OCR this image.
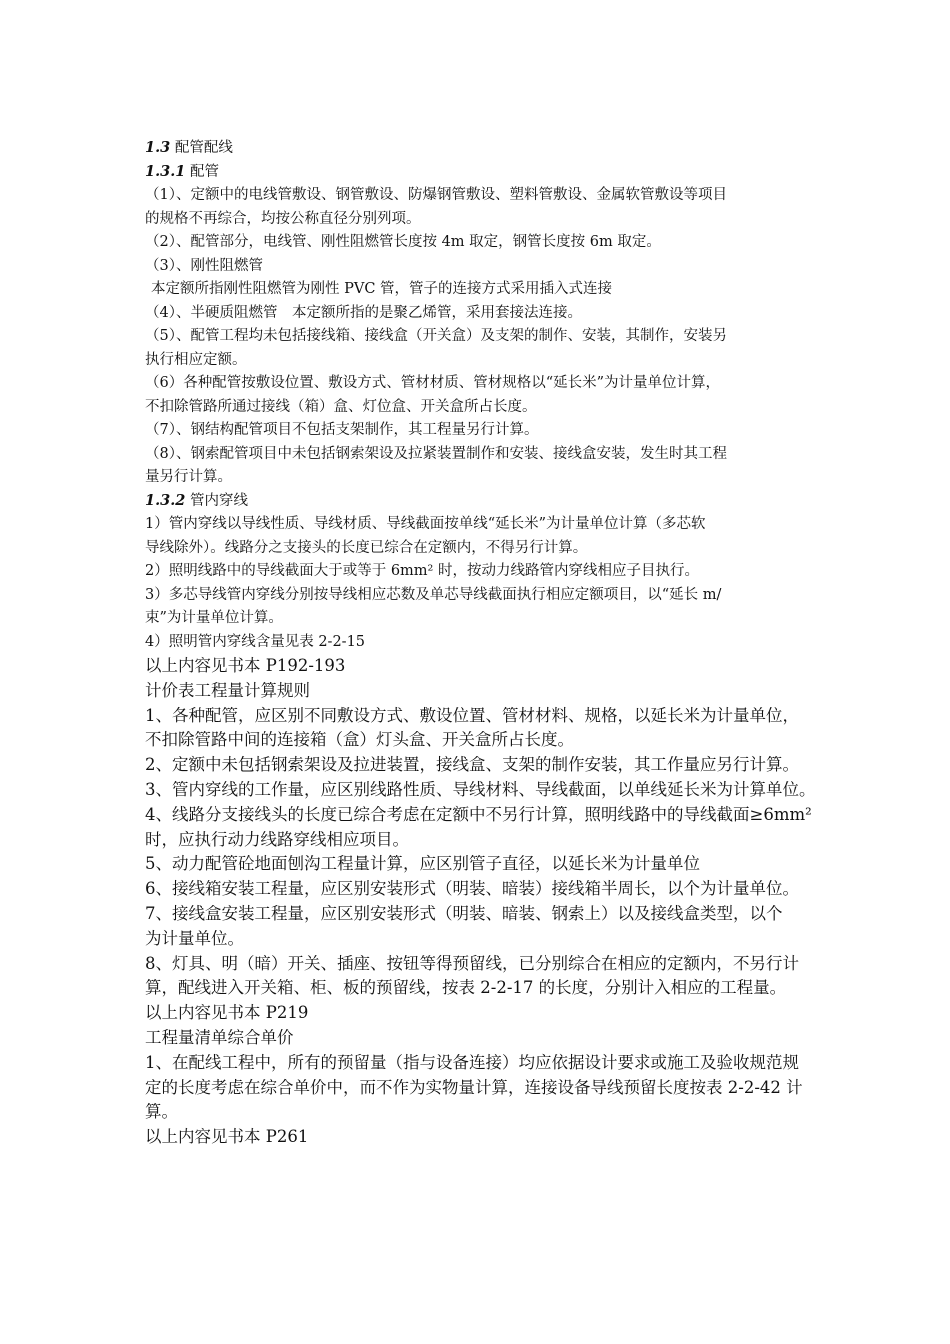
1.3 配管配线

1.3.1 配管

（1）、定额中的电线管敷设、钢管敷设、防爆钢管敷设、塑料管敷设、金属软管敷设等项目

的规格不再综合，均按公称直径分别列项。

（2）、配管部分，电线管、刚性阻燃管长度按 4m 取定，钢管长度按 6m 取定。

（3）、刚性阻燃管

本定额所指刚性阻燃管为刚性 PVC 管，管子的连接方式采用插入式连接

（4）、半硬质阻燃管　本定额所指的是聚乙烯管，采用套接法连接。

（5）、配管工程均未包括接线箱、接线盒（开关盒）及支架的制作、安装，其制作，安装另

执行相应定额。

（6）各种配管按敷设位置、敷设方式、管材材质、管材规格以“延长米”为计量单位计算，

不扣除管路所通过接线（箱）盒、灯位盒、开关盒所占长度。

（7）、钢结构配管项目不包括支架制作，其工程量另行计算。

（8）、钢索配管项目中未包括钢索架设及拉紧装置制作和安装、接线盒安装，发生时其工程

量另行计算。

1.3.2 管内穿线

1）管内穿线以导线性质、导线材质、导线截面按单线“延长米”为计量单位计算（多芯软

导线除外）。线路分之支接头的长度已综合在定额内，不得另行计算。

2）照明线路中的导线截面大于或等于 6mm² 时，按动力线路管内穿线相应子目执行。

3）多芯导线管内穿线分别按导线相应芯数及单芯导线截面执行相应定额项目，以“延长 m/

束”为计量单位计算。

4）照明管内穿线含量见表 2-2-15

以上内容见书本 P192-193

计价表工程量计算规则

1、各种配管，应区别不同敷设方式、敷设位置、管材材料、规格，以延长米为计量单位，

不扣除管路中间的连接箱（盒）灯头盒、开关盒所占长度。

2、定额中未包括钢索架设及拉进装置，接线盒、支架的制作安装，其工作量应另行计算。

3、管内穿线的工作量，应区别线路性质、导线材料、导线截面，以单线延长米为计算单位。

4、线路分支接线头的长度已综合考虑在定额中不另行计算，照明线路中的导线截面≥6mm²

时，应执行动力线路穿线相应项目。

5、动力配管砼地面刨沟工程量计算，应区别管子直径，以延长米为计量单位

6、接线箱安装工程量，应区别安装形式（明装、暗装）接线箱半周长，以个为计量单位。

7、接线盒安装工程量，应区别安装形式（明装、暗装、钢索上）以及接线盒类型，以个

为计量单位。

8、灯具、明（暗）开关、插座、按钮等得预留线，已分别综合在相应的定额内，不另行计

算，配线进入开关箱、柜、板的预留线，按表 2-2-17 的长度，分别计入相应的工程量。

以上内容见书本 P219

工程量清单综合单价

1、在配线工程中，所有的预留量（指与设备连接）均应依据设计要求或施工及验收规范规

定的长度考虑在综合单价中，而不作为实物量计算，连接设备导线预留长度按表 2-2-42 计

算。

以上内容见书本 P261
